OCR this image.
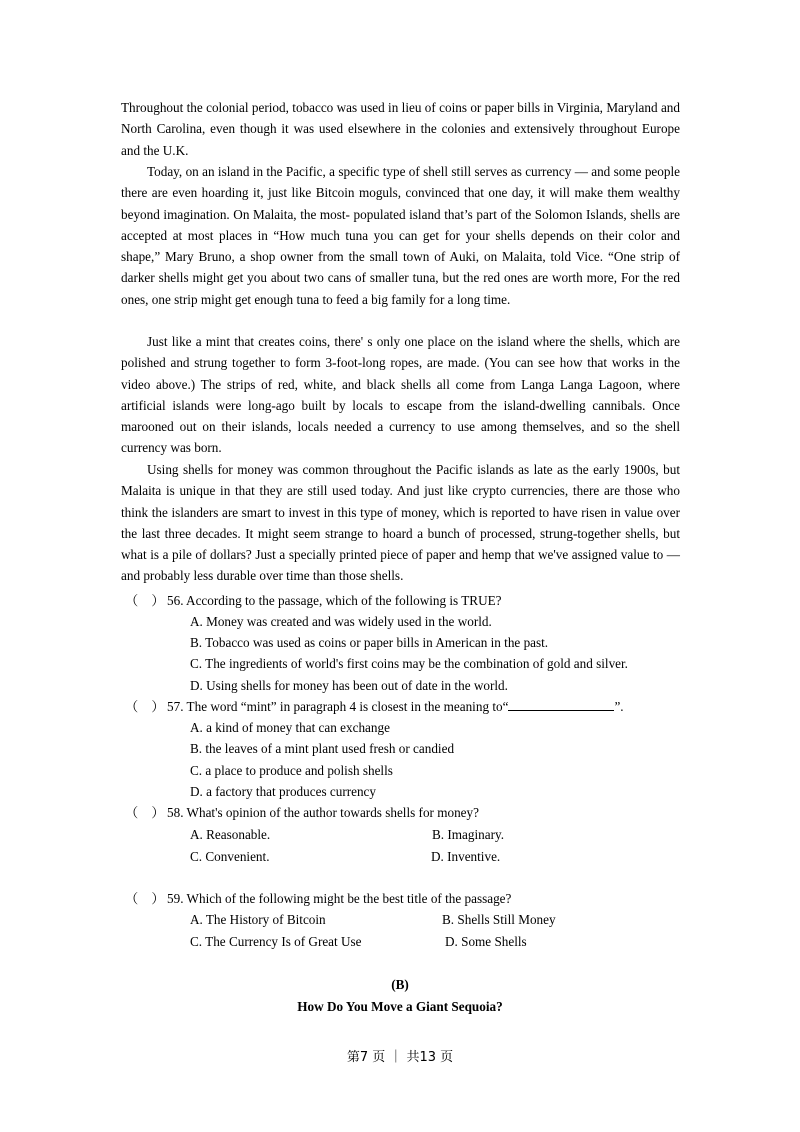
Throughout the colonial period, tobacco was used in lieu of coins or paper bills in Virginia, Maryland and North Carolina, even though it was used elsewhere in the colonies and extensively throughout Europe and the U.K.

Today, on an island in the Pacific, a specific type of shell still serves as currency — and some people there are even hoarding it, just like Bitcoin moguls, convinced that one day, it will make them wealthy beyond imagination. On Malaita, the most- populated island that’s part of the Solomon Islands, shells are accepted at most places in “How much tuna you can get for your shells depends on their color and shape,” Mary Bruno, a shop owner from the small town of Auki, on Malaita, told Vice. “One strip of darker shells might get you about two cans of smaller tuna, but the red ones are worth more, For the red ones, one strip might get enough tuna to feed a big family for a long time.

Just like a mint that creates coins, there' s only one place on the island where the shells, which are polished and strung together to form 3-foot-long ropes, are made. (You can see how that works in the video above.) The strips of red, white, and black shells all come from Langa Langa Lagoon, where artificial islands were long-ago built by locals to escape from the island-dwelling cannibals. Once marooned out on their islands, locals needed a currency to use among themselves, and so the shell currency was born.

Using shells for money was common throughout the Pacific islands as late as the early 1900s, but Malaita is unique in that they are still used today. And just like crypto currencies, there are those who think the islanders are smart to invest in this type of money, which is reported to have risen in value over the last three decades. It might seem strange to hoard a bunch of processed, strung-together shells, but what is a pile of dollars? Just a specially printed piece of paper and hemp that we've assigned value to — and probably less durable over time than those shells.

（　） 56. According to the passage, which of the following is TRUE?
A. Money was created and was widely used in the world.
B. Tobacco was used as coins or paper bills in American in the past.
C. The ingredients of world's first coins may be the combination of gold and silver.
D. Using shells for money has been out of date in the world.
（　） 57. The word “mint” in paragraph 4 is closest in the meaning to“	”.
A. a kind of money that can exchange
B. the leaves of a mint plant used fresh or candied
C. a place to produce and polish shells
D. a factory that produces currency
（　） 58. What's opinion of the author towards shells for money?
A. Reasonable.	B. Imaginary.
C. Convenient.	D. Inventive.
（　） 59. Which of the following might be the best title of the passage?
A. The History of Bitcoin	B. Shells Still Money
C. The Currency Is of Great Use	D. Some Shells
(B)
How Do You Move a Giant Sequoia?
第7 页 ｜ 共13 页
